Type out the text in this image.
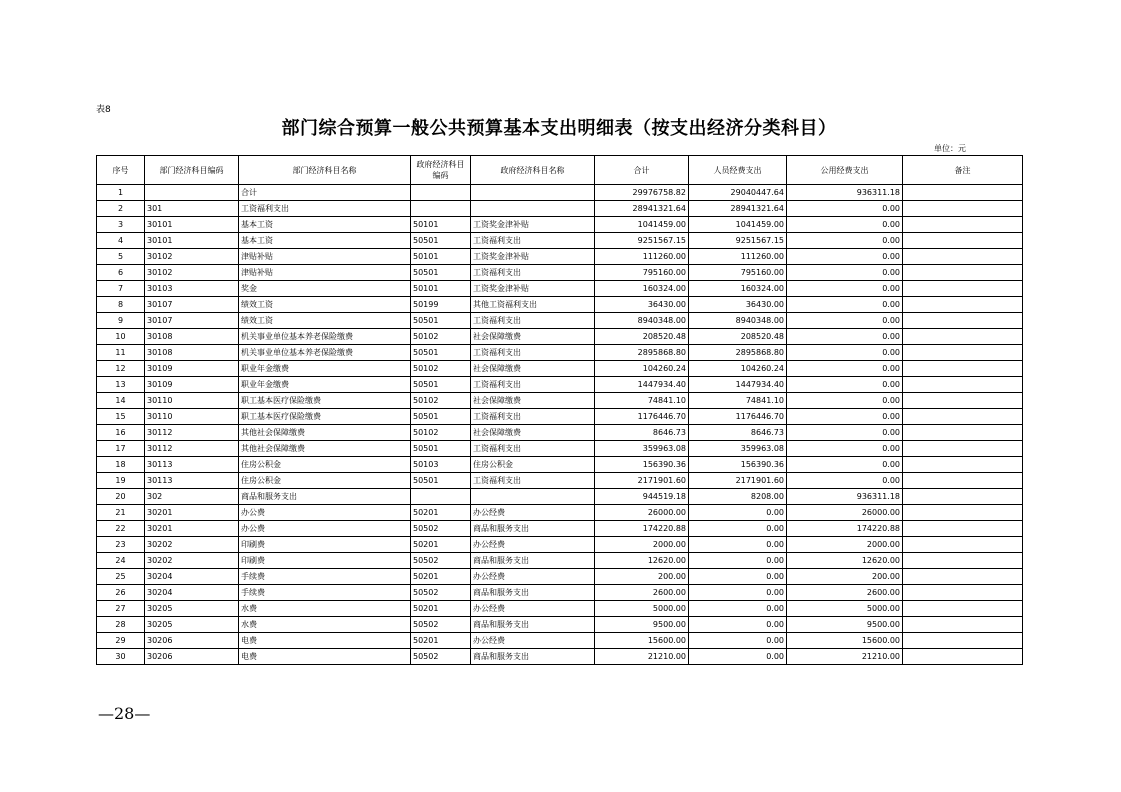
表8
部门综合预算一般公共预算基本支出明细表（按支出经济分类科目）
单位：元
序号	部门经济科目编码	部门经济科目名称	政府经济科目编码	政府经济科目名称	合计	人员经费支出	公用经费支出	备注
1		合计			29976758.82	29040447.64	936311.18	
2	301	工资福利支出			28941321.64	28941321.64	0.00	
3	30101	基本工资	50101	工资奖金津补贴	1041459.00	1041459.00	0.00	
4	30101	基本工资	50501	工资福利支出	9251567.15	9251567.15	0.00	
5	30102	津贴补贴	50101	工资奖金津补贴	111260.00	111260.00	0.00	
6	30102	津贴补贴	50501	工资福利支出	795160.00	795160.00	0.00	
7	30103	奖金	50101	工资奖金津补贴	160324.00	160324.00	0.00	
8	30107	绩效工资	50199	其他工资福利支出	36430.00	36430.00	0.00	
9	30107	绩效工资	50501	工资福利支出	8940348.00	8940348.00	0.00	
10	30108	机关事业单位基本养老保险缴费	50102	社会保障缴费	208520.48	208520.48	0.00	
11	30108	机关事业单位基本养老保险缴费	50501	工资福利支出	2895868.80	2895868.80	0.00	
12	30109	职业年金缴费	50102	社会保障缴费	104260.24	104260.24	0.00	
13	30109	职业年金缴费	50501	工资福利支出	1447934.40	1447934.40	0.00	
14	30110	职工基本医疗保险缴费	50102	社会保障缴费	74841.10	74841.10	0.00	
15	30110	职工基本医疗保险缴费	50501	工资福利支出	1176446.70	1176446.70	0.00	
16	30112	其他社会保障缴费	50102	社会保障缴费	8646.73	8646.73	0.00	
17	30112	其他社会保障缴费	50501	工资福利支出	359963.08	359963.08	0.00	
18	30113	住房公积金	50103	住房公积金	156390.36	156390.36	0.00	
19	30113	住房公积金	50501	工资福利支出	2171901.60	2171901.60	0.00	
20	302	商品和服务支出			944519.18	8208.00	936311.18	
21	30201	办公费	50201	办公经费	26000.00	0.00	26000.00	
22	30201	办公费	50502	商品和服务支出	174220.88	0.00	174220.88	
23	30202	印刷费	50201	办公经费	2000.00	0.00	2000.00	
24	30202	印刷费	50502	商品和服务支出	12620.00	0.00	12620.00	
25	30204	手续费	50201	办公经费	200.00	0.00	200.00	
26	30204	手续费	50502	商品和服务支出	2600.00	0.00	2600.00	
27	30205	水费	50201	办公经费	5000.00	0.00	5000.00	
28	30205	水费	50502	商品和服务支出	9500.00	0.00	9500.00	
29	30206	电费	50201	办公经费	15600.00	0.00	15600.00	
30	30206	电费	50502	商品和服务支出	21210.00	0.00	21210.00	
—28—
